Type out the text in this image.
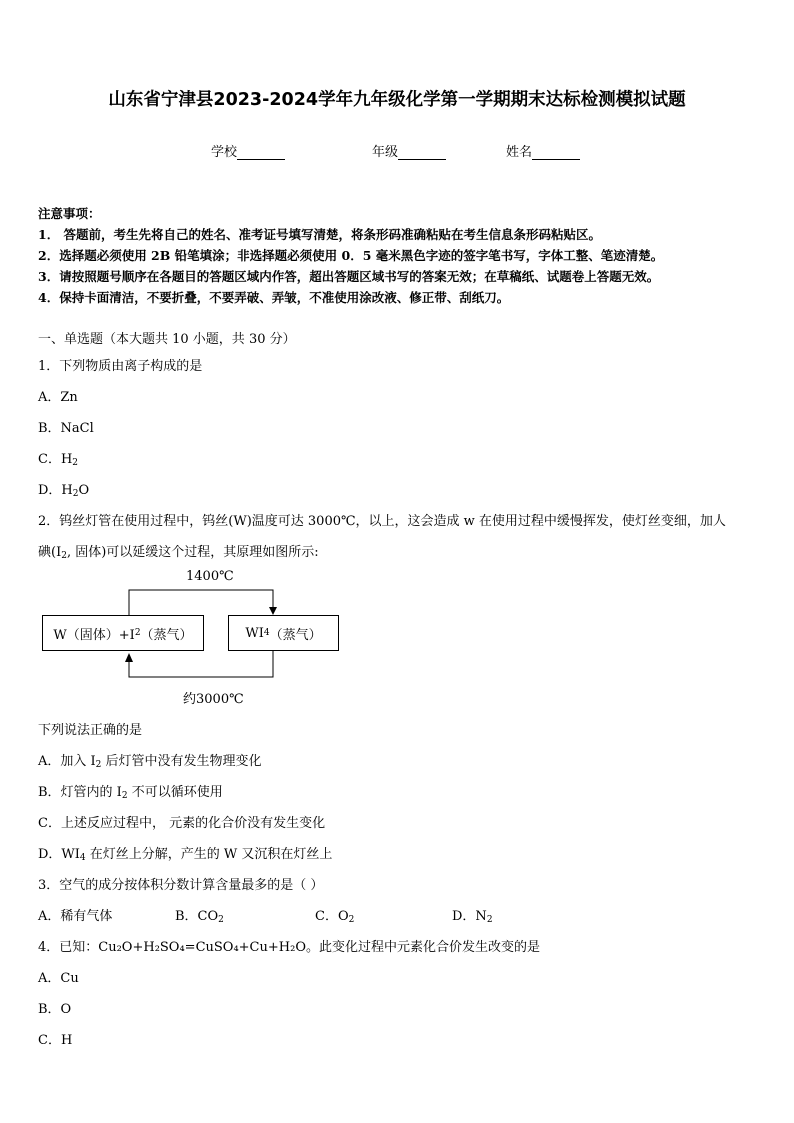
山东省宁津县2023-2024学年九年级化学第一学期期末达标检测模拟试题
学校	年级	姓名
注意事项：
1． 答题前，考生先将自己的姓名、准考证号填写清楚，将条形码准确粘贴在考生信息条形码粘贴区。
2．选择题必须使用 2B 铅笔填涂；非选择题必须使用 0．5 毫米黑色字迹的签字笔书写，字体工整、笔迹清楚。
3．请按照题号顺序在各题目的答题区域内作答，超出答题区域书写的答案无效；在草稿纸、试题卷上答题无效。
4．保持卡面清洁，不要折叠，不要弄破、弄皱，不准使用涂改液、修正带、刮纸刀。
一、单选题（本大题共 10 小题，共 30 分）
1．下列物质由离子构成的是
A．Zn
B．NaCl
C．$H_2$
D．$H_2O$
2．钨丝灯管在使用过程中，钨丝(W)温度可达 3000℃，以上，这会造成 w 在使用过程中缓慢挥发，使灯丝变细，加人
碘($I_2$, 固体)可以延缓这个过程，其原理如图所示:
1400℃
W（固体）+I 2 （蒸气）	WI 4 （蒸气）
约3000℃
下列说法正确的是
A．加入 $I_2$ 后灯管中没有发生物理变化
B．灯管内的 $I_2$ 不可以循环使用
C．上述反应过程中， 元素的化合价没有发生变化
D．$WI_4$ 在灯丝上分解，产生的 W 又沉积在灯丝上
3．空气的成分按体积分数计算含量最多的是（ ）
A．稀有气体	B．$CO_2$	C．$O_2$	D．$N_2$
4．已知：Cu₂O+H₂SO₄=CuSO₄+Cu+H₂O。此变化过程中元素化合价发生改变的是
A．Cu
B．O
C．H
